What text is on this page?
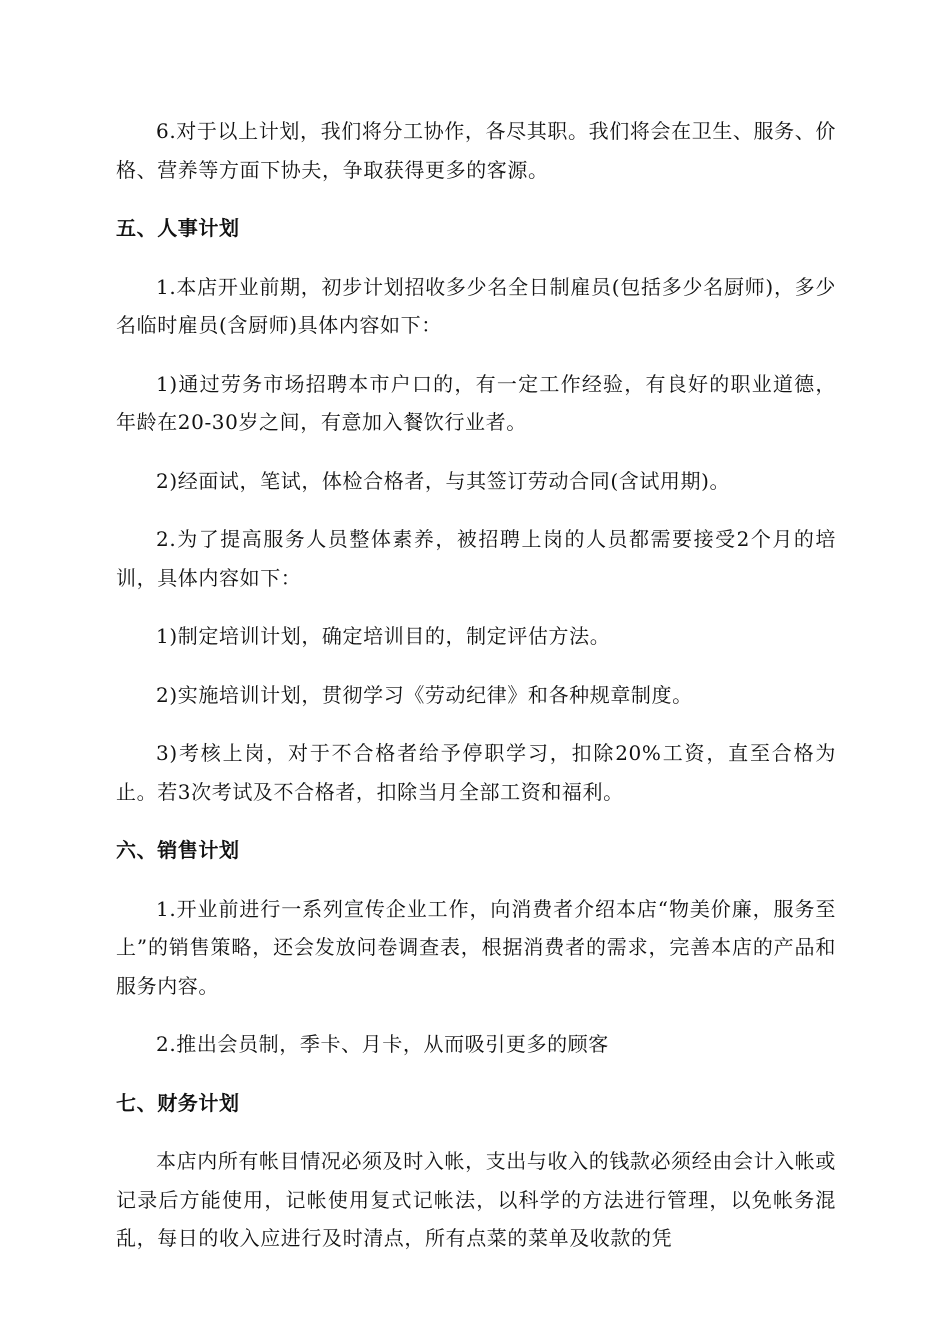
6.对于以上计划，我们将分工协作，各尽其职。我们将会在卫生、服务、价格、营养等方面下协夫，争取获得更多的客源。

五、人事计划

1.本店开业前期，初步计划招收多少名全日制雇员(包括多少名厨师)，多少名临时雇员(含厨师)具体内容如下：

1)通过劳务市场招聘本市户口的，有一定工作经验，有良好的职业道德，年龄在20-30岁之间，有意加入餐饮行业者。

2)经面试，笔试，体检合格者，与其签订劳动合同(含试用期)。

2.为了提高服务人员整体素养，被招聘上岗的人员都需要接受2个月的培训，具体内容如下：

1)制定培训计划，确定培训目的，制定评估方法。

2)实施培训计划，贯彻学习《劳动纪律》和各种规章制度。

3)考核上岗，对于不合格者给予停职学习，扣除20%工资，直至合格为止。若3次考试及不合格者，扣除当月全部工资和福利。

六、销售计划

1.开业前进行一系列宣传企业工作，向消费者介绍本店“物美价廉，服务至上”的销售策略，还会发放问卷调查表，根据消费者的需求，完善本店的产品和服务内容。

2.推出会员制，季卡、月卡，从而吸引更多的顾客

七、财务计划

本店内所有帐目情况必须及时入帐，支出与收入的钱款必须经由会计入帐或记录后方能使用，记帐使用复式记帐法，以科学的方法进行管理，以免帐务混乱，每日的收入应进行及时清点，所有点菜的菜单及收款的凭
